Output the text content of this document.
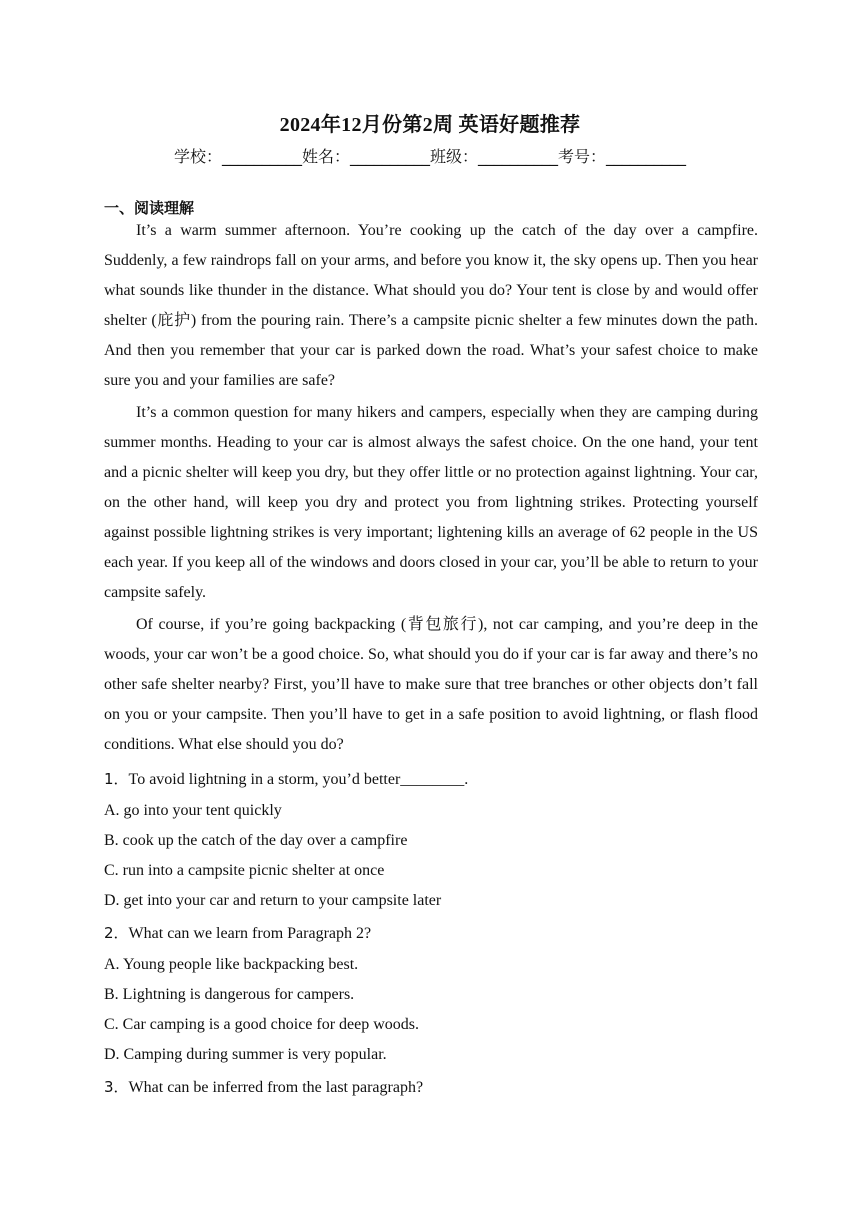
2024年12月份第2周 英语好题推荐
学校：__________姓名：__________班级：__________考号：__________
一、阅读理解

It’s a warm summer afternoon. You’re cooking up the catch of the day over a campfire. Suddenly, a few raindrops fall on your arms, and before you know it, the sky opens up. Then you hear what sounds like thunder in the distance. What should you do? Your tent is close by and would offer shelter (庇护) from the pouring rain. There’s a campsite picnic shelter a few minutes down the path. And then you remember that your car is parked down the road. What’s your safest choice to make sure you and your families are safe?

It’s a common question for many hikers and campers, especially when they are camping during summer months. Heading to your car is almost always the safest choice. On the one hand, your tent and a picnic shelter will keep you dry, but they offer little or no protection against lightning. Your car, on the other hand, will keep you dry and protect you from lightning strikes. Protecting yourself against possible lightning strikes is very important; lightening kills an average of 62 people in the US each year. If you keep all of the windows and doors closed in your car, you’ll be able to return to your campsite safely.

Of course, if you’re going backpacking (背包旅行), not car camping, and you’re deep in the woods, your car won’t be a good choice. So, what should you do if your car is far away and there’s no other safe shelter nearby? First, you’ll have to make sure that tree branches or other objects don’t fall on you or your campsite. Then you’ll have to get in a safe position to avoid lightning, or flash flood conditions. What else should you do?

1．To avoid lightning in a storm, you’d better________.
A. go into your tent quickly
B. cook up the catch of the day over a campfire
C. run into a campsite picnic shelter at once
D. get into your car and return to your campsite later
2．What can we learn from Paragraph 2?
A. Young people like backpacking best.
B. Lightning is dangerous for campers.
C. Car camping is a good choice for deep woods.
D. Camping during summer is very popular.
3．What can be inferred from the last paragraph?
